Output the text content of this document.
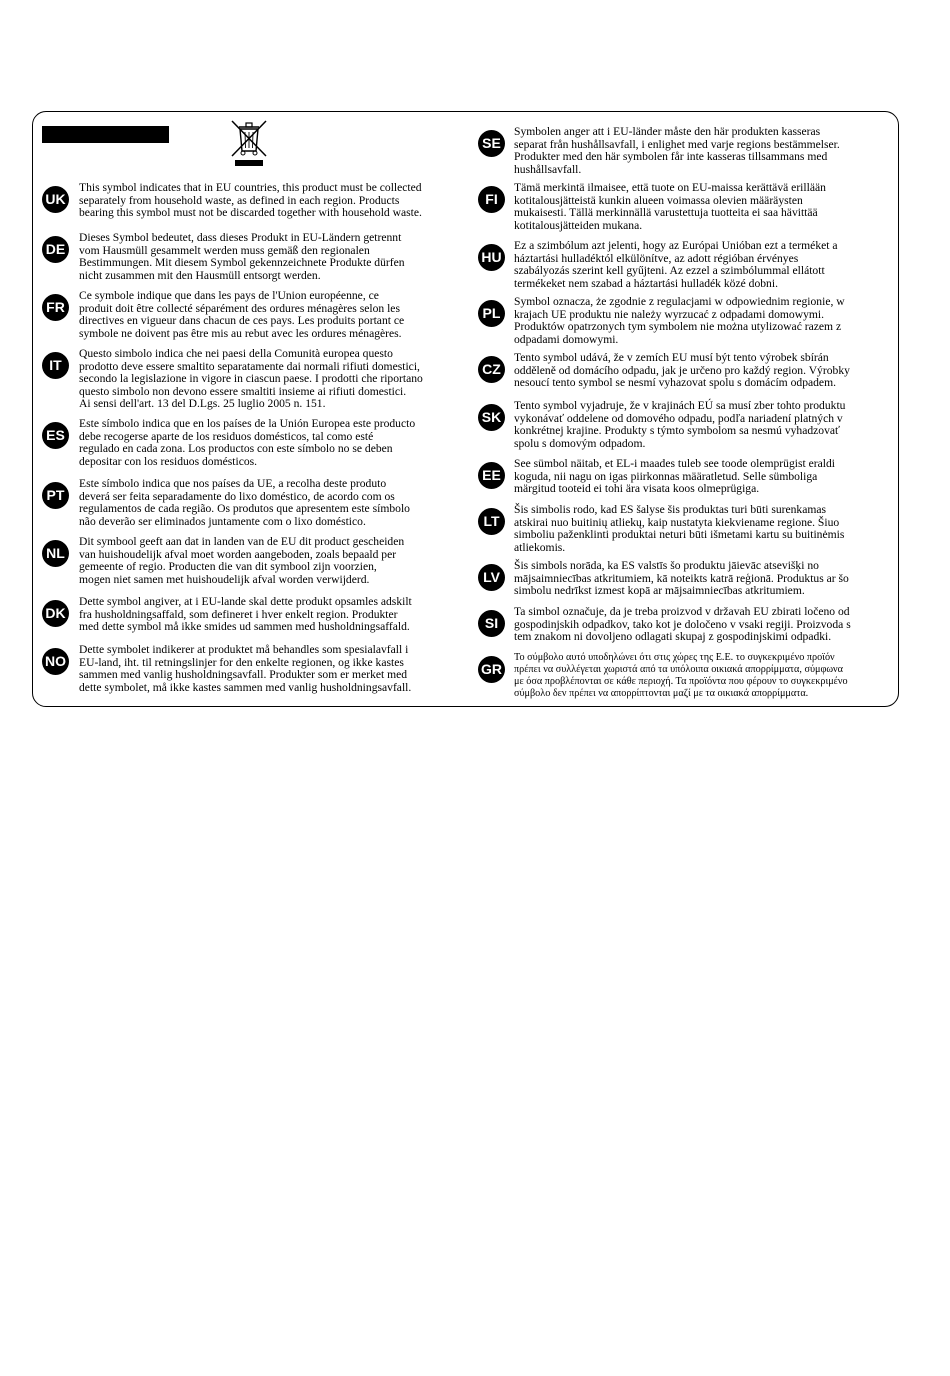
UK
This symbol indicates that in EU countries, this product must be collected
separately from household waste, as defined in each region. Products
bearing this symbol must not be discarded together with household waste.
DE
Dieses Symbol bedeutet, dass dieses Produkt in EU-Ländern getrennt
vom Hausmüll gesammelt werden muss gemäß den regionalen
Bestimmungen. Mit diesem Symbol gekennzeichnete Produkte dürfen
nicht zusammen mit den Hausmüll entsorgt werden.
FR
Ce symbole indique que dans les pays de l'Union européenne, ce
produit doit être collecté séparément des ordures ménagères selon les
directives en vigueur dans chacun de ces pays. Les produits portant ce
symbole ne doivent pas être mis au rebut avec les ordures ménagères.
IT
Questo simbolo indica che nei paesi della Comunità europea questo
prodotto deve essere smaltito separatamente dai normali rifiuti domestici,
secondo la legislazione in vigore in ciascun paese. I prodotti che riportano
questo simbolo non devono essere smaltiti insieme ai rifiuti domestici.
Ai sensi dell'art. 13 del D.Lgs. 25 luglio 2005 n. 151.
ES
Este símbolo indica que en los países de la Unión Europea este producto
debe recogerse aparte de los residuos domésticos, tal como esté
regulado en cada zona. Los productos con este símbolo no se deben
depositar con los residuos domésticos.
PT
Este símbolo indica que nos países da UE, a recolha deste produto
deverá ser feita separadamente do lixo doméstico, de acordo com os
regulamentos de cada região. Os produtos que apresentem este símbolo
não deverão ser eliminados juntamente com o lixo doméstico.
NL
Dit symbool geeft aan dat in landen van de EU dit product gescheiden
van huishoudelijk afval moet worden aangeboden, zoals bepaald per
gemeente of regio. Producten die van dit symbool zijn voorzien,
mogen niet samen met huishoudelijk afval worden verwijderd.
DK
Dette symbol angiver, at i EU-lande skal dette produkt opsamles adskilt
fra husholdningsaffald, som defineret i hver enkelt region. Produkter
med dette symbol må ikke smides ud sammen med husholdningsaffald.
NO
Dette symbolet indikerer at produktet må behandles som spesialavfall i
EU-land, iht. til retningslinjer for den enkelte regionen, og ikke kastes
sammen med vanlig husholdningsavfall. Produkter som er merket med
dette symbolet, må ikke kastes sammen med vanlig husholdningsavfall.
SE
Symbolen anger att i EU-länder måste den här produkten kasseras
separat från hushållsavfall, i enlighet med varje regions bestämmelser.
Produkter med den här symbolen får inte kasseras tillsammans med
hushållsavfall.
FI
Tämä merkintä ilmaisee, että tuote on EU-maissa kerättävä erillään
kotitalousjätteistä kunkin alueen voimassa olevien määräysten
mukaisesti. Tällä merkinnällä varustettuja tuotteita ei saa hävittää
kotitalousjätteiden mukana.
HU
Ez a szimbólum azt jelenti, hogy az Európai Unióban ezt a terméket a
háztartási hulladéktól elkülönítve, az adott régióban érvényes
szabályozás szerint kell gyűjteni. Az ezzel a szimbólummal ellátott
termékeket nem szabad a háztartási hulladék közé dobni.
PL
Symbol oznacza, że zgodnie z regulacjami w odpowiednim regionie, w
krajach UE produktu nie należy wyrzucać z odpadami domowymi.
Produktów opatrzonych tym symbolem nie można utylizować razem z
odpadami domowymi.
CZ
Tento symbol udává, že v zemích EU musí být tento výrobek sbírán
odděleně od domácího odpadu, jak je určeno pro každý region. Výrobky
nesoucí tento symbol se nesmí vyhazovat spolu s domácím odpadem.
SK
Tento symbol vyjadruje, že v krajinách EÚ sa musí zber tohto produktu
vykonávať oddelene od domového odpadu, podľa nariadení platných v
konkrétnej krajine. Produkty s týmto symbolom sa nesmú vyhadzovať
spolu s domovým odpadom.
EE
See sümbol näitab, et EL-i maades tuleb see toode olemprügist eraldi
koguda, nii nagu on igas piirkonnas määratletud. Selle sümboliga
märgitud tooteid ei tohi ära visata koos olmeprügiga.
LT
Šis simbolis rodo, kad ES šalyse šis produktas turi būti surenkamas
atskirai nuo buitinių atliekų, kaip nustatyta kiekviename regione. Šiuo
simboliu paženklinti produktai neturi būti išmetami kartu su buitinėmis
atliekomis.
LV
Šis simbols norāda, ka ES valstīs šo produktu jāievāc atsevišķi no
mājsaimniecības atkritumiem, kā noteikts katrā reģionā. Produktus ar šo
simbolu nedrīkst izmest kopā ar mājsaimniecības atkritumiem.
SI
Ta simbol označuje, da je treba proizvod v državah EU zbirati ločeno od
gospodinjskih odpadkov, tako kot je določeno v vsaki regiji. Proizvoda s
tem znakom ni dovoljeno odlagati skupaj z gospodinjskimi odpadki.
GR
Το σύμβολο αυτό υποδηλώνει ότι στις χώρες της Ε.Ε. το συγκεκριμένο προϊόν
πρέπει να συλλέγεται χωριστά από τα υπόλοιπα οικιακά απορρίμματα, σύμφωνα
με όσα προβλέπονται σε κάθε περιοχή. Τα προϊόντα που φέρουν το συγκεκριμένο
σύμβολο δεν πρέπει να απορρίπτονται μαζί με τα οικιακά απορρίμματα.
